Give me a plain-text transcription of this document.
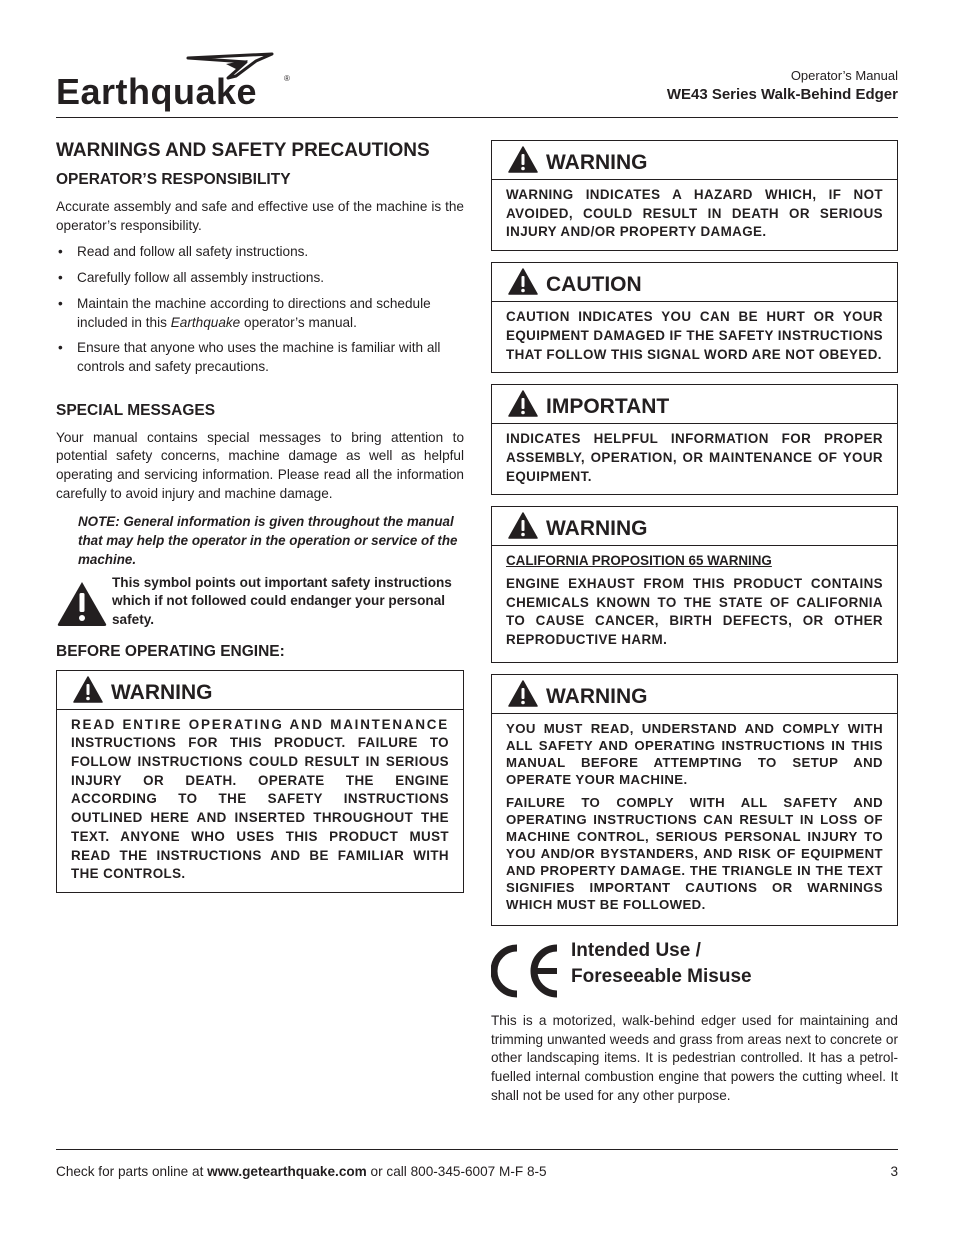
Earthquake	®	Operator’s Manual
WE43 Series Walk-Behind Edger
WARNINGS AND SAFETY PRECAUTIONS
OPERATOR’S RESPONSIBILITY

Accurate assembly and safe and effective use of the machine is the operator’s responsibility.

• Read and follow all safety instructions.
• Carefully follow all assembly instructions.
• Maintain the machine according to directions and schedule included in this Earthquake operator’s manual.
• Ensure that anyone who uses the machine is familiar with all controls and safety precautions.
SPECIAL MESSAGES

Your manual contains special messages to bring attention to potential safety concerns, machine damage as well as helpful operating and servicing information. Please read all the information carefully to avoid injury and machine damage.

NOTE: General information is given throughout the manual that may help the operator in the operation or service of the machine.
This symbol points out important safety instructions which if not followed could endanger your personal safety.
BEFORE OPERATING ENGINE:
WARNING
READ ENTIRE OPERATING AND MAINTENANCE INSTRUCTIONS FOR THIS PRODUCT. FAILURE TO FOLLOW INSTRUCTIONS COULD RESULT IN SERIOUS INJURY OR DEATH. OPERATE THE ENGINE ACCORDING TO THE SAFETY INSTRUCTIONS OUTLINED HERE AND INSERTED THROUGHOUT THE TEXT. ANYONE WHO USES THIS PRODUCT MUST READ THE INSTRUCTIONS AND BE FAMILIAR WITH THE CONTROLS.
WARNING
WARNING INDICATES A HAZARD WHICH, IF NOT AVOIDED, COULD RESULT IN DEATH OR SERIOUS INJURY AND/OR PROPERTY DAMAGE.
CAUTION
CAUTION INDICATES YOU CAN BE HURT OR YOUR EQUIPMENT DAMAGED IF THE SAFETY INSTRUCTIONS THAT FOLLOW THIS SIGNAL WORD ARE NOT OBEYED.
IMPORTANT
INDICATES HELPFUL INFORMATION FOR PROPER ASSEMBLY, OPERATION, OR MAINTENANCE OF YOUR EQUIPMENT.
WARNING

CALIFORNIA PROPOSITION 65 WARNING

ENGINE EXHAUST FROM THIS PRODUCT CONTAINS CHEMICALS KNOWN TO THE STATE OF CALIFORNIA TO CAUSE CANCER, BIRTH DEFECTS, OR OTHER REPRODUCTIVE HARM.

WARNING

YOU MUST READ, UNDERSTAND AND COMPLY WITH ALL SAFETY AND OPERATING INSTRUCTIONS IN THIS MANUAL BEFORE ATTEMPTING TO SETUP AND OPERATE YOUR MACHINE.

FAILURE TO COMPLY WITH ALL SAFETY AND OPERATING INSTRUCTIONS CAN RESULT IN LOSS OF MACHINE CONTROL, SERIOUS PERSONAL INJURY TO YOU AND/OR BYSTANDERS, AND RISK OF EQUIPMENT AND PROPERTY DAMAGE. THE TRIANGLE IN THE TEXT SIGNIFIES IMPORTANT CAUTIONS OR WARNINGS WHICH MUST BE FOLLOWED.

Intended Use /
Foreseeable Misuse

This is a motorized, walk-behind edger used for maintaining and trimming unwanted weeds and grass from areas next to concrete or other landscaping items. It is pedestrian controlled. It has a petrol-fuelled internal combustion engine that powers the cutting wheel. It shall not be used for any other purpose.

Check for parts online at www.getearthquake.com or call 800-345-6007 M-F 8-5	3
